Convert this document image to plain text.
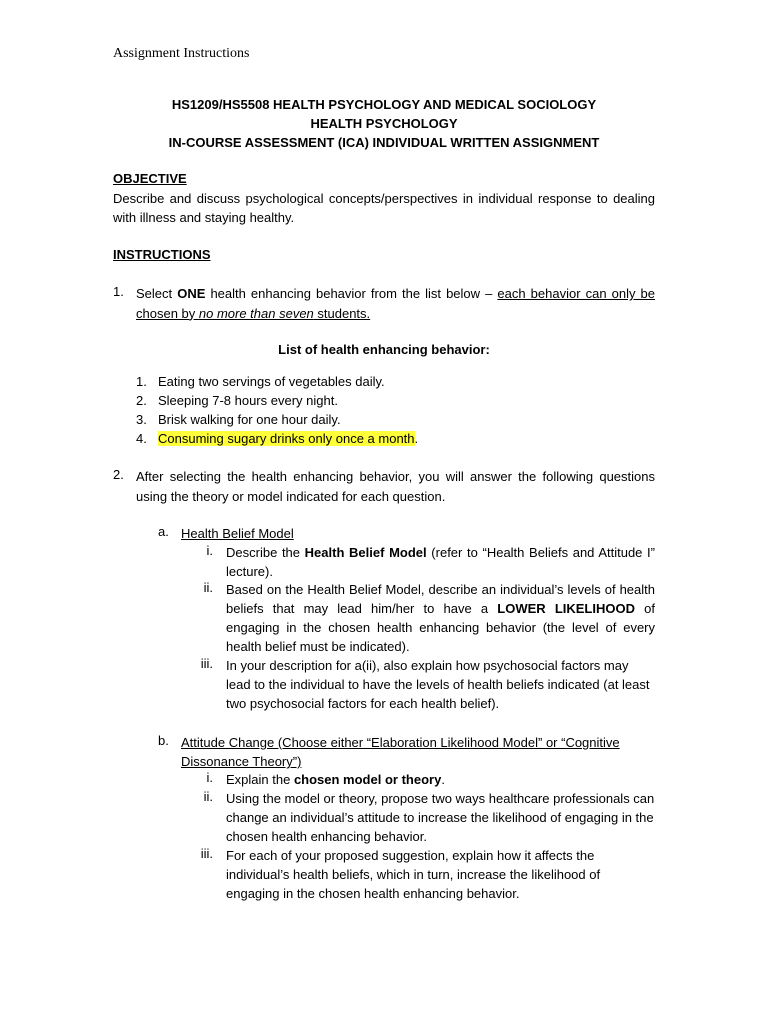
Assignment Instructions
HS1209/HS5508 HEALTH PSYCHOLOGY AND MEDICAL SOCIOLOGY
HEALTH PSYCHOLOGY
IN-COURSE ASSESSMENT (ICA) INDIVIDUAL WRITTEN ASSIGNMENT
OBJECTIVE
Describe and discuss psychological concepts/perspectives in individual response to dealing with illness and staying healthy.
INSTRUCTIONS
1. Select ONE health enhancing behavior from the list below – each behavior can only be chosen by no more than seven students.
List of health enhancing behavior:
1. Eating two servings of vegetables daily.
2. Sleeping 7-8 hours every night.
3. Brisk walking for one hour daily.
4. Consuming sugary drinks only once a month.
2. After selecting the health enhancing behavior, you will answer the following questions using the theory or model indicated for each question.
a. Health Belief Model
i. Describe the Health Belief Model (refer to “Health Beliefs and Attitude I” lecture).
ii. Based on the Health Belief Model, describe an individual’s levels of health beliefs that may lead him/her to have a LOWER LIKELIHOOD of engaging in the chosen health enhancing behavior (the level of every health belief must be indicated).
iii. In your description for a(ii), also explain how psychosocial factors may lead to the individual to have the levels of health beliefs indicated (at least two psychosocial factors for each health belief).
b. Attitude Change (Choose either “Elaboration Likelihood Model” or “Cognitive Dissonance Theory”)
i. Explain the chosen model or theory.
ii. Using the model or theory, propose two ways healthcare professionals can change an individual’s attitude to increase the likelihood of engaging in the chosen health enhancing behavior.
iii. For each of your proposed suggestion, explain how it affects the individual’s health beliefs, which in turn, increase the likelihood of engaging in the chosen health enhancing behavior.
